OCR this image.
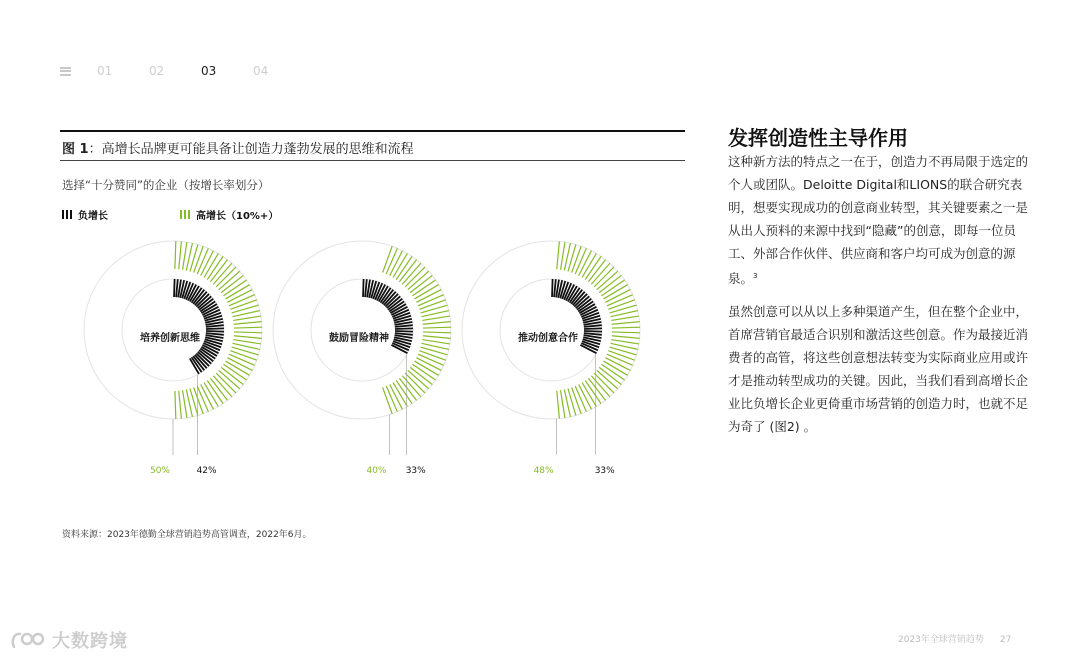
01	02	03	04
图 1：高增长品牌更可能具备让创造力蓬勃发展的思维和流程
选择“十分赞同”的企业（按增长率划分）
负增长	高增长（10%+）
培养创新思维
50%	42%
鼓励冒险精神
40% 33%
推动创意合作
48%	33%
资料来源：2023年德勤全球营销趋势高管调查，2022年6月。
发挥创造性主导作用
这种新方法的特点之一在于，创造力不再局限于选定的个人或团队。Deloitte Digital和LIONS的联合研究表明，想要实现成功的创意商业转型，其关键要素之一是从出人预料的来源中找到“隐藏”的创意，即每一位员工、外部合作伙伴、供应商和客户均可成为创意的源泉。$^3$
虽然创意可以从以上多种渠道产生，但在整个企业中，首席营销官最适合识别和激活这些创意。作为最接近消费者的高管，将这些创意想法转变为实际商业应用或许才是推动转型成功的关键。因此，当我们看到高增长企业比负增长企业更倚重市场营销的创造力时，也就不足为奇了 (图2) 。
2023年全球营销趋势 27
大数跨境
